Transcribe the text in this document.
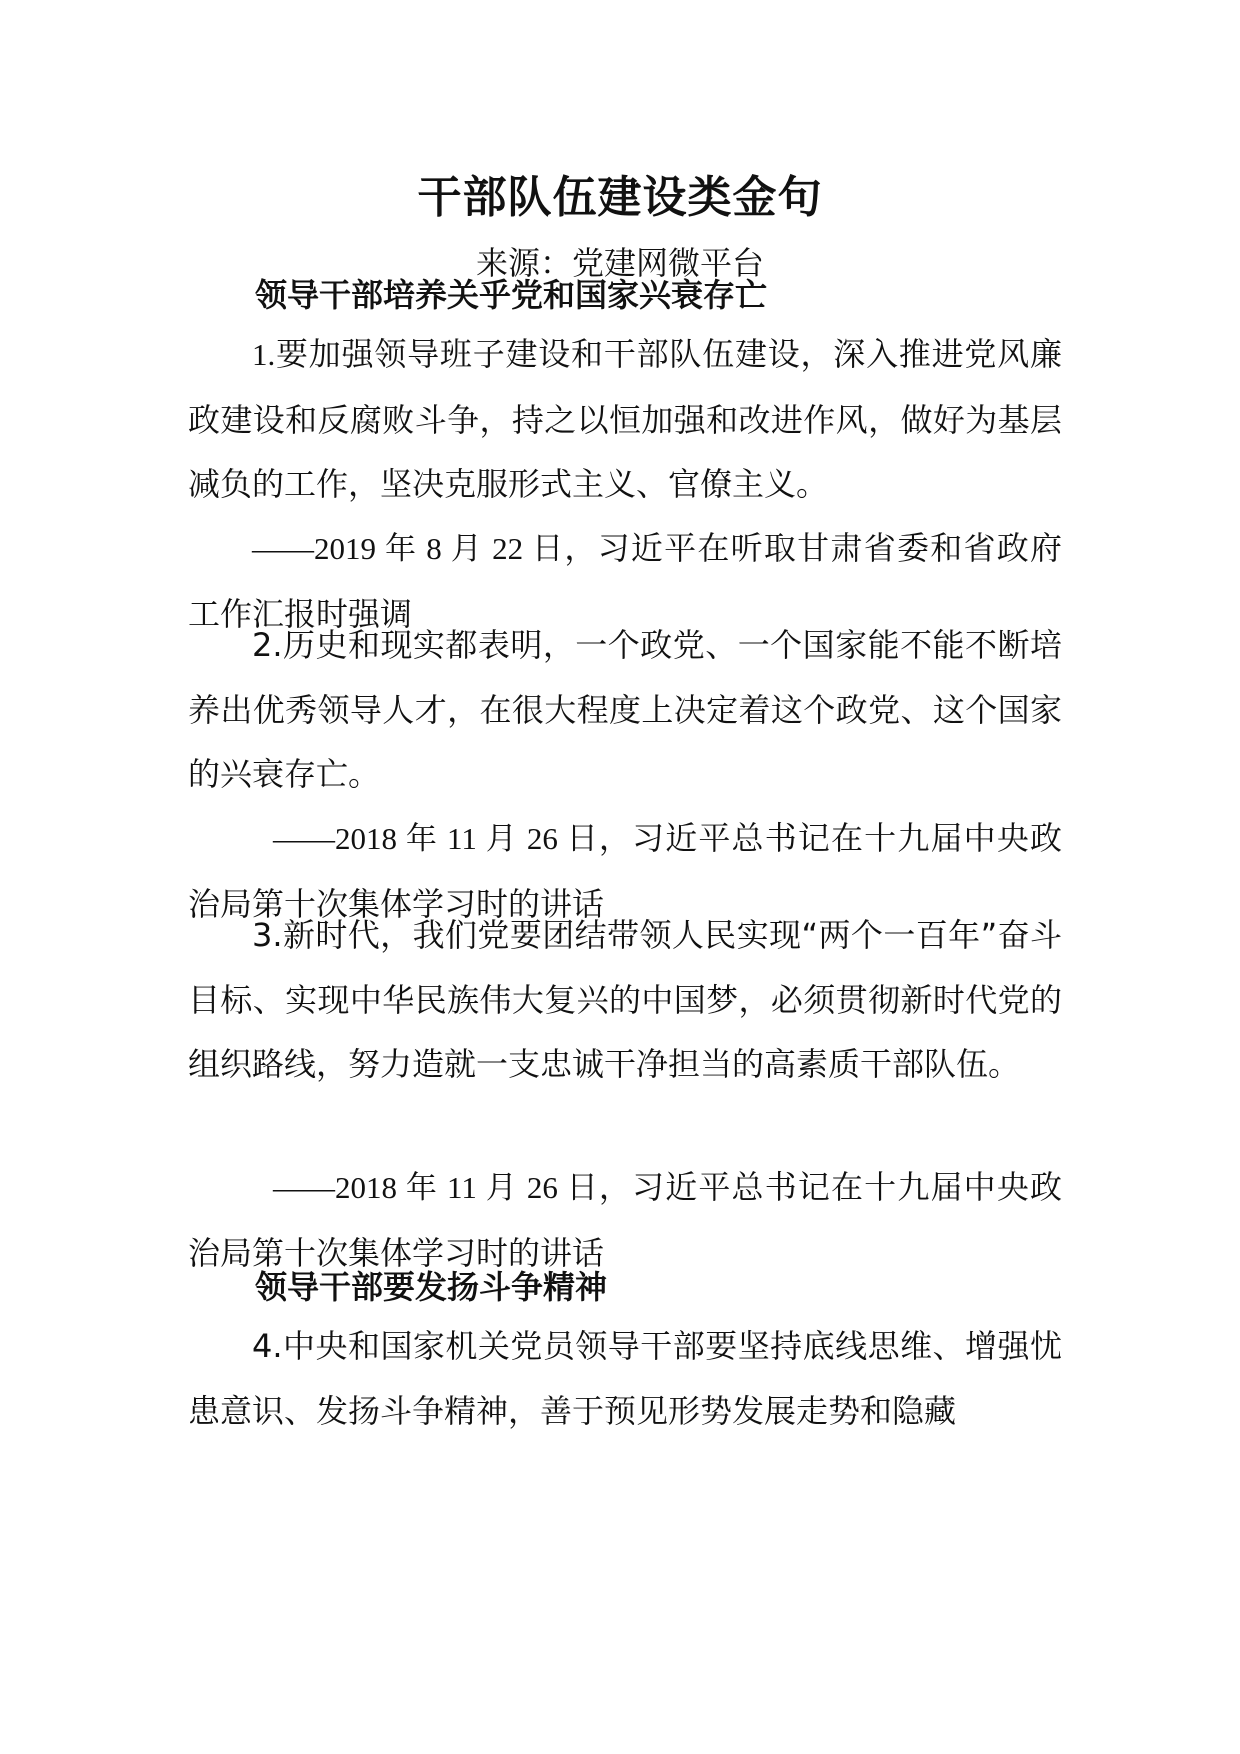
干部队伍建设类金句
来源：党建网微平台
领导干部培养关乎党和国家兴衰存亡
1.要加强领导班子建设和干部队伍建设，深入推进党风廉政建设和反腐败斗争，持之以恒加强和改进作风，做好为基层减负的工作，坚决克服形式主义、官僚主义。
——2019 年 8 月 22 日，习近平在听取甘肃省委和省政府工作汇报时强调
2.历史和现实都表明，一个政党、一个国家能不能不断培养出优秀领导人才，在很大程度上决定着这个政党、这个国家的兴衰存亡。
——2018 年 11 月 26 日，习近平总书记在十九届中央政治局第十次集体学习时的讲话
3.新时代，我们党要团结带领人民实现“两个一百年”奋斗目标、实现中华民族伟大复兴的中国梦，必须贯彻新时代党的组织路线，努力造就一支忠诚干净担当的高素质干部队伍。
——2018 年 11 月 26 日，习近平总书记在十九届中央政治局第十次集体学习时的讲话
领导干部要发扬斗争精神
4.中央和国家机关党员领导干部要坚持底线思维、增强忧患意识、发扬斗争精神，善于预见形势发展走势和隐藏
